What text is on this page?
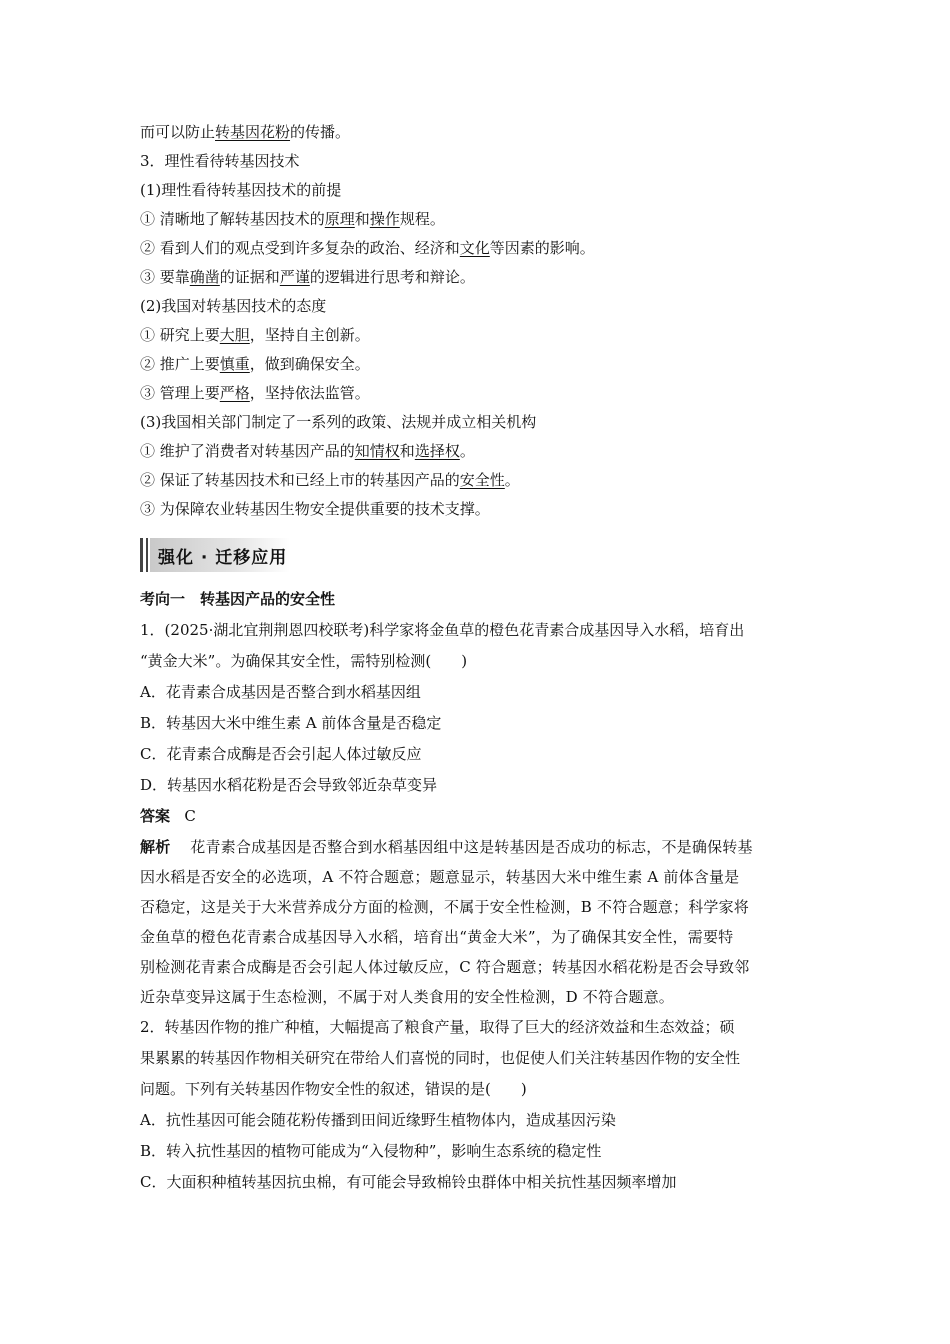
而可以防止转基因花粉的传播。
3．理性看待转基因技术
(1)理性看待转基因技术的前提
① 清晰地了解转基因技术的原理和操作规程。
② 看到人们的观点受到许多复杂的政治、经济和文化等因素的影响。
③ 要靠确凿的证据和严谨的逻辑进行思考和辩论。
(2)我国对转基因技术的态度
① 研究上要大胆，坚持自主创新。
② 推广上要慎重，做到确保安全。
③ 管理上要严格，坚持依法监管。
(3)我国相关部门制定了一系列的政策、法规并成立相关机构
① 维护了消费者对转基因产品的知情权和选择权。
② 保证了转基因技术和已经上市的转基因产品的安全性。
③ 为保障农业转基因生物安全提供重要的技术支撑。
强化 · 迁移应用
考向一　转基因产品的安全性
1．(2025·湖北宜荆荆恩四校联考)科学家将金鱼草的橙色花青素合成基因导入水稻，培育出
“黄金大米”。为确保其安全性，需特别检测(　　)
A．花青素合成基因是否整合到水稻基因组
B．转基因大米中维生素 A 前体含量是否稳定
C．花青素合成酶是否会引起人体过敏反应
D．转基因水稻花粉是否会导致邻近杂草变异
答案 C
解析 花青素合成基因是否整合到水稻基因组中这是转基因是否成功的标志，不是确保转基
因水稻是否安全的必选项，A 不符合题意；题意显示，转基因大米中维生素 A 前体含量是
否稳定，这是关于大米营养成分方面的检测，不属于安全性检测，B 不符合题意；科学家将
金鱼草的橙色花青素合成基因导入水稻，培育出“黄金大米”，为了确保其安全性，需要特
别检测花青素合成酶是否会引起人体过敏反应，C 符合题意；转基因水稻花粉是否会导致邻
近杂草变异这属于生态检测，不属于对人类食用的安全性检测，D 不符合题意。
2．转基因作物的推广种植，大幅提高了粮食产量，取得了巨大的经济效益和生态效益；硕
果累累的转基因作物相关研究在带给人们喜悦的同时，也促使人们关注转基因作物的安全性
问题。下列有关转基因作物安全性的叙述，错误的是(　　)
A．抗性基因可能会随花粉传播到田间近缘野生植物体内，造成基因污染
B．转入抗性基因的植物可能成为“入侵物种”，影响生态系统的稳定性
C．大面积种植转基因抗虫棉，有可能会导致棉铃虫群体中相关抗性基因频率增加
